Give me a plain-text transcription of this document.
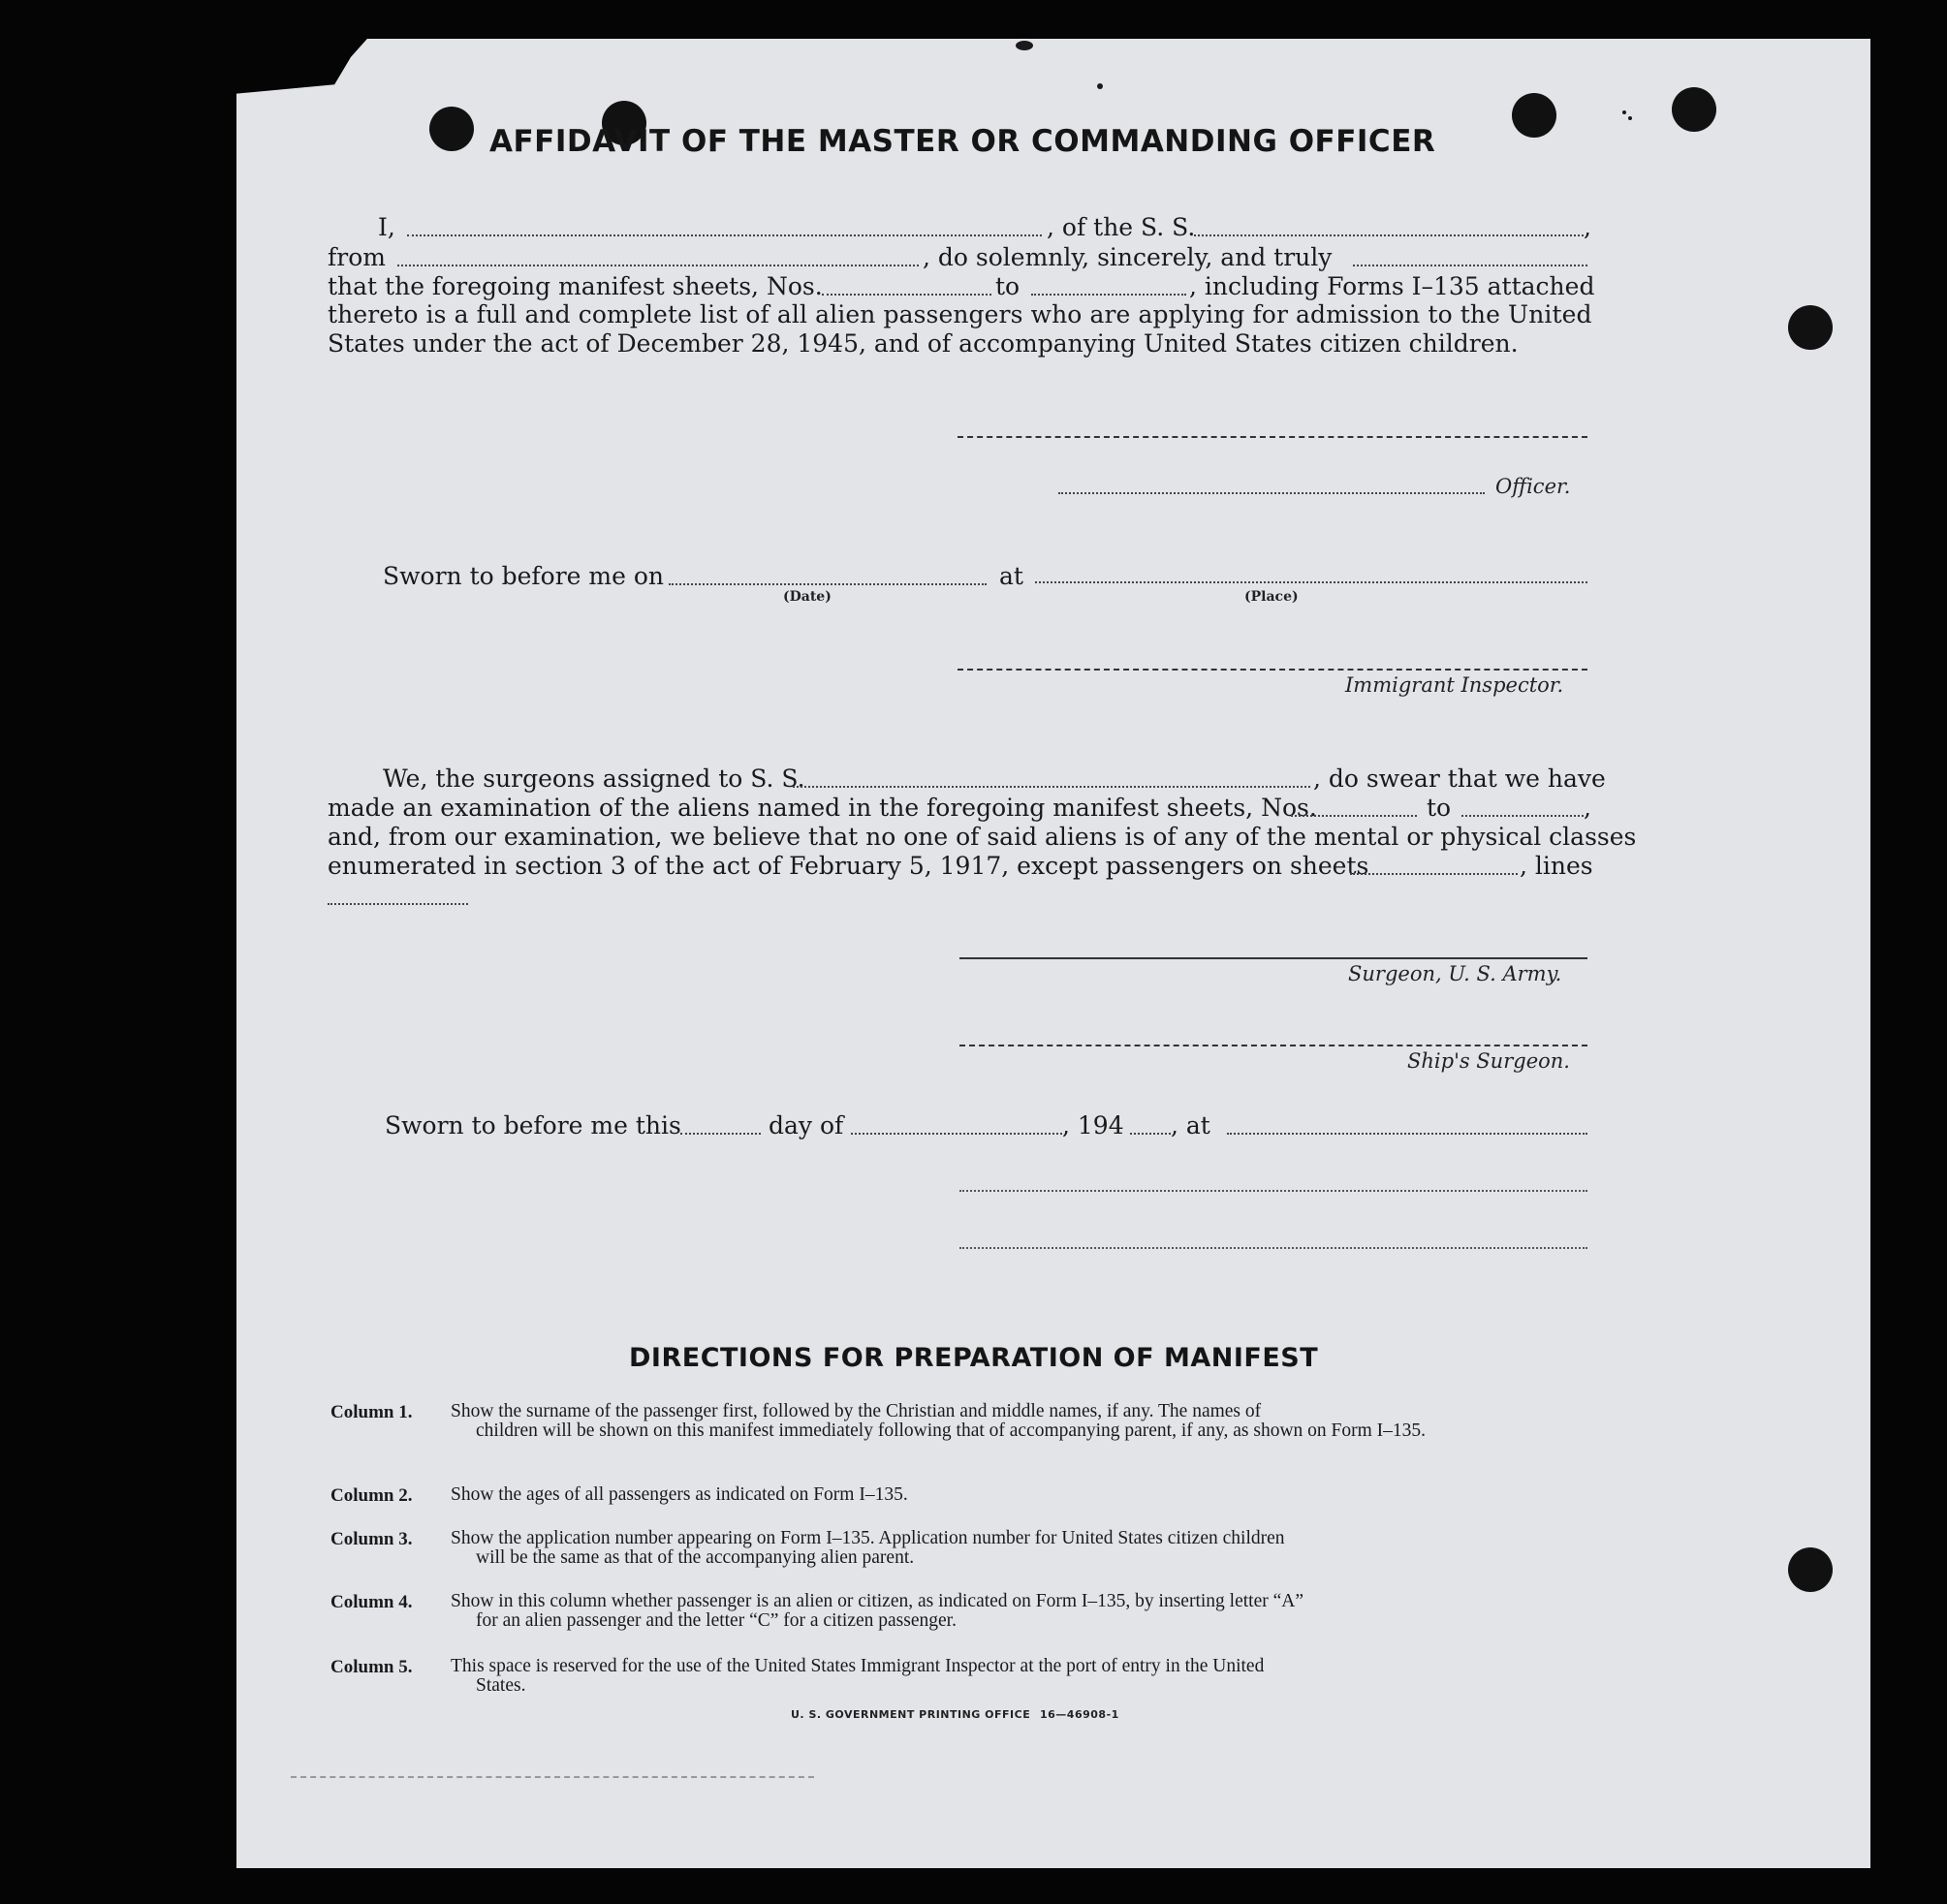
AFFIDAVIT OF THE MASTER OR COMMANDING OFFICER
I,	, of the S. S.	,
from	, do solemnly, sincerely, and truly
that the foregoing manifest sheets, Nos.	to	, including Forms I–135 attached
thereto is a full and complete list of all alien passengers who are applying for admission to the United
States under the act of December 28, 1945, and of accompanying United States citizen children.
Officer.
Sworn to before me on
(Date)
at
(Place)
Immigrant Inspector.
We, the surgeons assigned to S. S.	, do swear that we have
made an examination of the aliens named in the foregoing manifest sheets, Nos.	to	,
and, from our examination, we believe that no one of said aliens is of any of the mental or physical classes
enumerated in section 3 of the act of February 5, 1917, except passengers on sheets	, lines
Surgeon, U. S. Army.
Ship's Surgeon.
Sworn to before me this	day of	, 194 , at
DIRECTIONS FOR PREPARATION OF MANIFEST
Column 1. Show the surname of the passenger first, followed by the Christian and middle names, if any. The names of
children will be shown on this manifest immediately following that of accompanying parent, if any, as shown on Form I–135.
Column 2. Show the ages of all passengers as indicated on Form I–135.
Column 3. Show the application number appearing on Form I–135. Application number for United States citizen children
will be the same as that of the accompanying alien parent.
Column 4. Show in this column whether passenger is an alien or citizen, as indicated on Form I–135, by inserting letter “A”
for an alien passenger and the letter “C” for a citizen passenger.
Column 5. This space is reserved for the use of the United States Immigrant Inspector at the port of entry in the United
States.
U. S. GOVERNMENT PRINTING OFFICE 16—46908-1
